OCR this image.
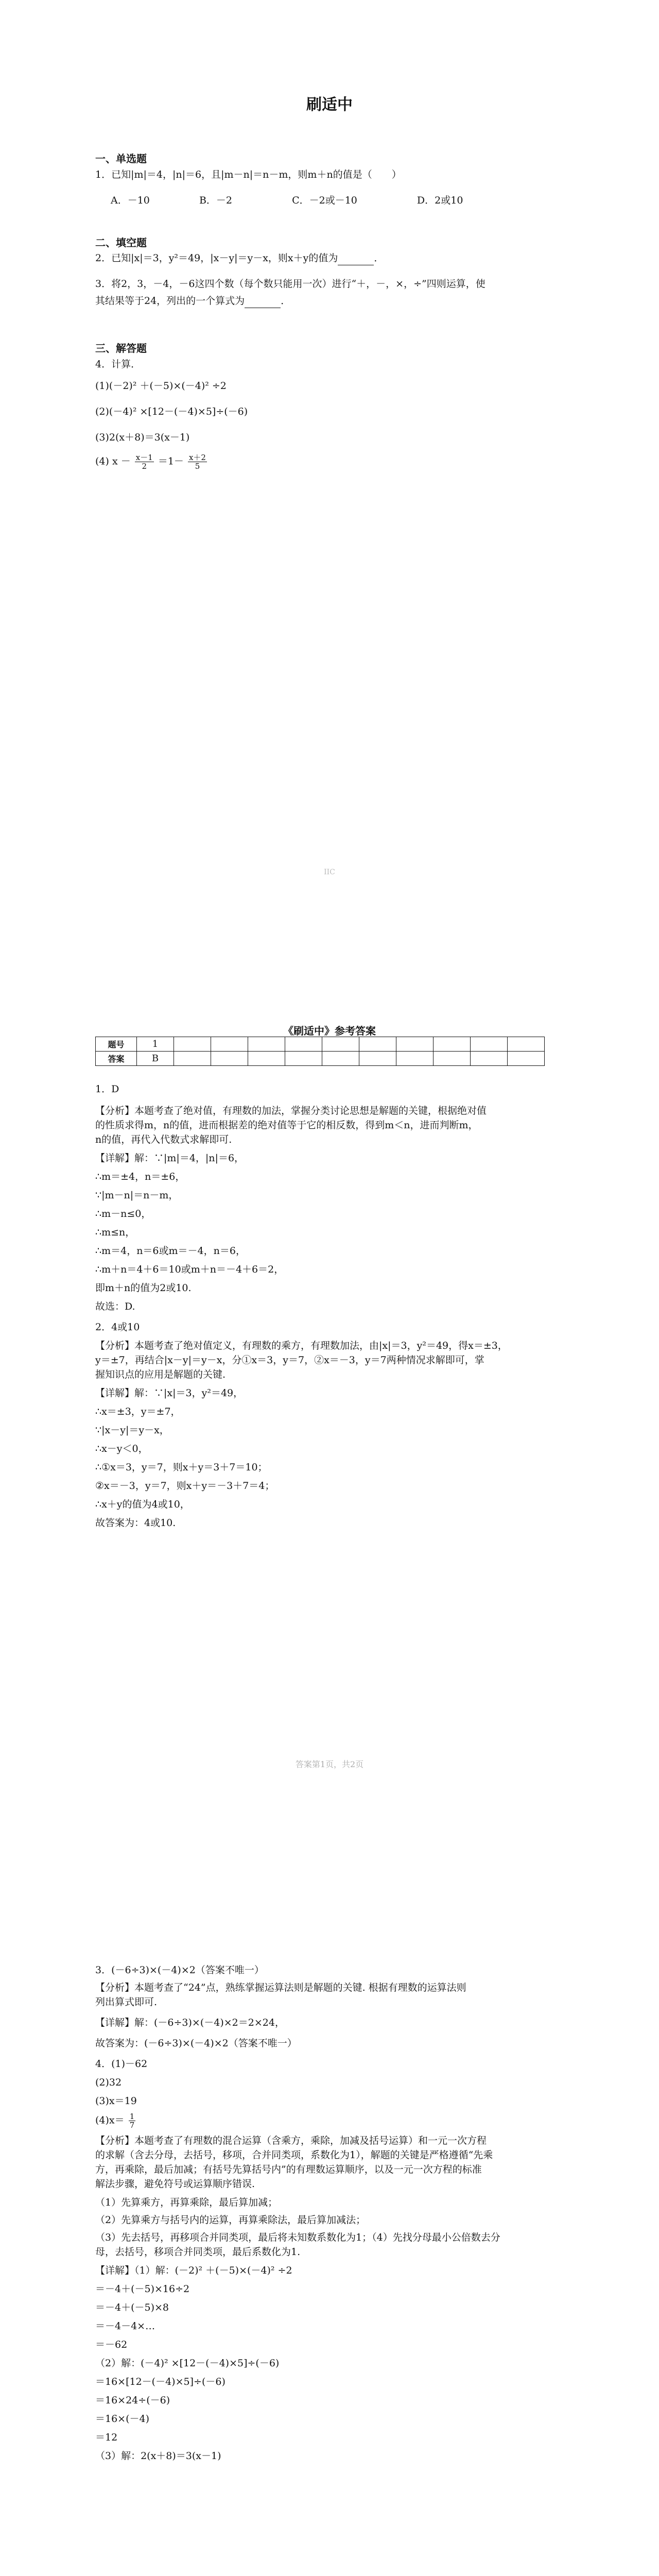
刷适中
一、单选题
1．已知|m|＝4，|n|＝6，且|m－n|＝n－m，则m＋n的值是（　　）
A．－10	B．－2	C．－2或－10	D．2或10
二、填空题
2．已知|x|＝3，y²＝49，|x－y|＝y－x，则x＋y的值为	．
3．将2，3，－4，－6这四个数（每个数只能用一次）进行“＋，－，×，÷”四则运算，使
其结果等于24，列出的一个算式为	．
三、解答题
4．计算．
(1)(－2)² ＋(－5)×(－4)² ÷2
(2)(－4)² ×[12－(－4)×5]÷(－6)
(3)2(x＋8)＝3(x－1)
(4) $x - \frac{x-1}{2} =1- \frac{x+2}{5}$
IIC
《刷适中》参考答案
题号	1										
答案	B										
1．D
【分析】本题考查了绝对值，有理数的加法，掌握分类讨论思想是解题的关键，根据绝对值
的性质求得m，n的值，进而根据差的绝对值等于它的相反数，得到m＜n，进而判断m，
n的值，再代入代数式求解即可.
【详解】解：∵|m|＝4，|n|＝6，
∴m＝±4，n＝±6，
∵|m－n|＝n－m，
∴m－n≤0，
∴m≤n，
∴m＝4，n＝6或m＝－4，n＝6，
∴m＋n＝4＋6＝10或m＋n＝－4＋6＝2，
即m＋n的值为2或10.
故选：D.
2．4或10
【分析】本题考查了绝对值定义，有理数的乘方，有理数加法，由|x|＝3，y²＝49，得x＝±3，
y＝±7，再结合|x－y|＝y－x，分①x＝3，y＝7，②x＝－3，y＝7两种情况求解即可，掌
握知识点的应用是解题的关键.
【详解】解：∵|x|＝3，y²＝49，
∴x＝±3，y＝±7，
∵|x－y|＝y－x，
∴x－y＜0，
∴①x＝3，y＝7，则x＋y＝3＋7＝10；
②x＝－3，y＝7，则x＋y＝－3＋7＝4；
∴x＋y的值为4或10，
故答案为：4或10.
答案第1页，共2页
3．(－6÷3)×(－4)×2（答案不唯一）
【分析】本题考查了“24”点，熟练掌握运算法则是解题的关键. 根据有理数的运算法则
列出算式即可.
【详解】解：(－6÷3)×(－4)×2＝2×24，
故答案为：(－6÷3)×(－4)×2（答案不唯一）
4．(1)－62
(2)32
(3)x＝19
$(4)x= \frac{1}{7}$
【分析】本题考查了有理数的混合运算（含乘方，乘除，加减及括号运算）和一元一次方程
的求解（含去分母，去括号，移项，合并同类项，系数化为1），解题的关键是严格遵循“先乘
方，再乘除，最后加减；有括号先算括号内”的有理数运算顺序，以及一元一次方程的标准
解法步骤，避免符号或运算顺序错误.
（1）先算乘方，再算乘除，最后算加减；
（2）先算乘方与括号内的运算，再算乘除法，最后算加减法；
（3）先去括号，再移项合并同类项，最后将未知数系数化为1；（4）先找分母最小公倍数去分
母，去括号，移项合并同类项，最后系数化为1.
【详解】（1）解：(－2)² ＋(－5)×(－4)² ÷2
＝－4＋(－5)×16÷2
＝－4＋(－5)×8
＝－4－4×…
＝－62
（2）解：(－4)² ×[12－(－4)×5]÷(－6)
＝16×[12－(－4)×5]÷(－6)
＝16×24÷(－6)
＝16×(－4)
＝12
（3）解：2(x＋8)＝3(x－1)
